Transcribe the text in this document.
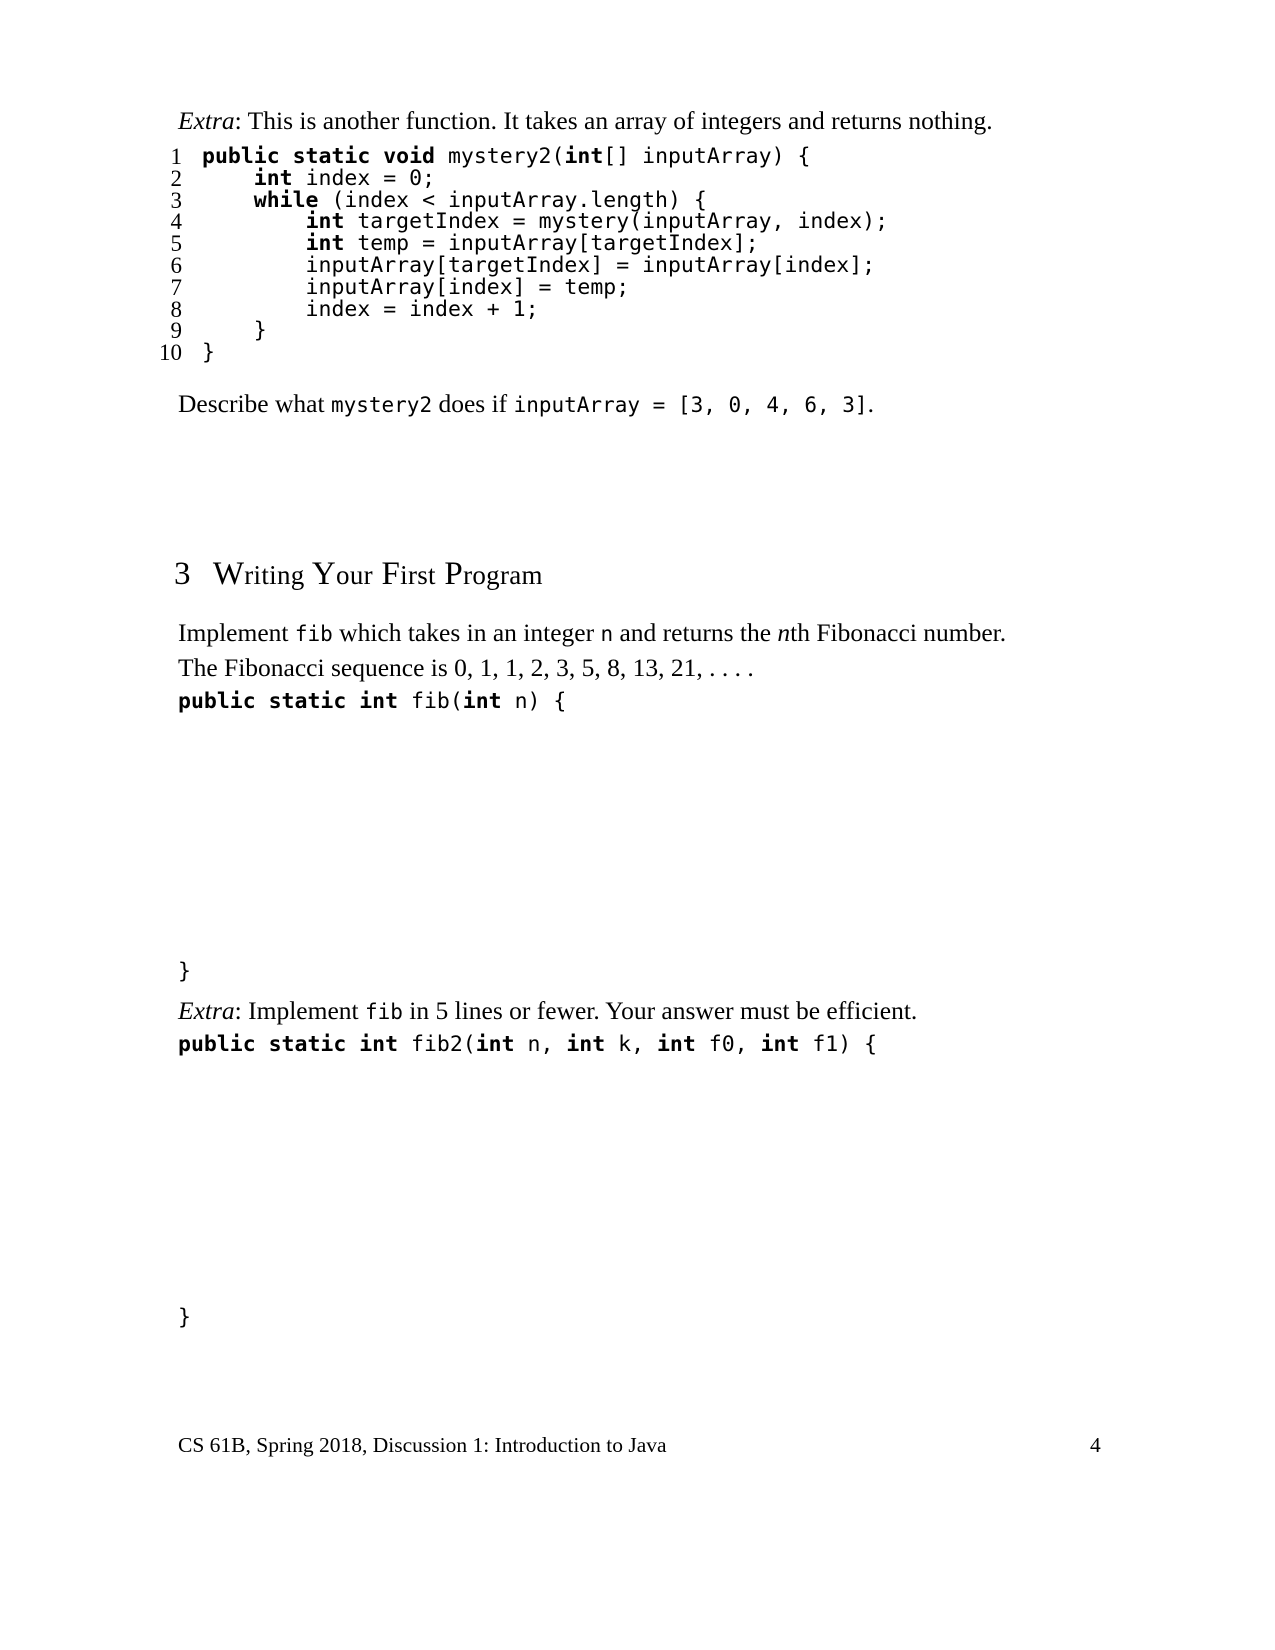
Extra: This is another function. It takes an array of integers and returns nothing.
1 public static void mystery2(int[] inputArray) {
2	int index = 0;
3	while (index < inputArray.length) {
4	int targetIndex = mystery(inputArray, index);
5	int temp = inputArray[targetIndex];
6 inputArray[targetIndex] = inputArray[index];
7 inputArray[index] = temp;
8 index = index + 1;
9 }
10 }
Describe what mystery2 does if inputArray = [3, 0, 4, 6, 3].
3 Writing Your First Program
Implement fib which takes in an integer n and returns the nth Fibonacci number.
The Fibonacci sequence is 0, 1, 1, 2, 3, 5, 8, 13, 21, . . . .
public static int fib(int n) {
}
Extra: Implement fib in 5 lines or fewer. Your answer must be efficient.
public static int fib2(int n, int k, int f0, int f1) {
}
CS 61B, Spring 2018, Discussion 1: Introduction to Java	4
